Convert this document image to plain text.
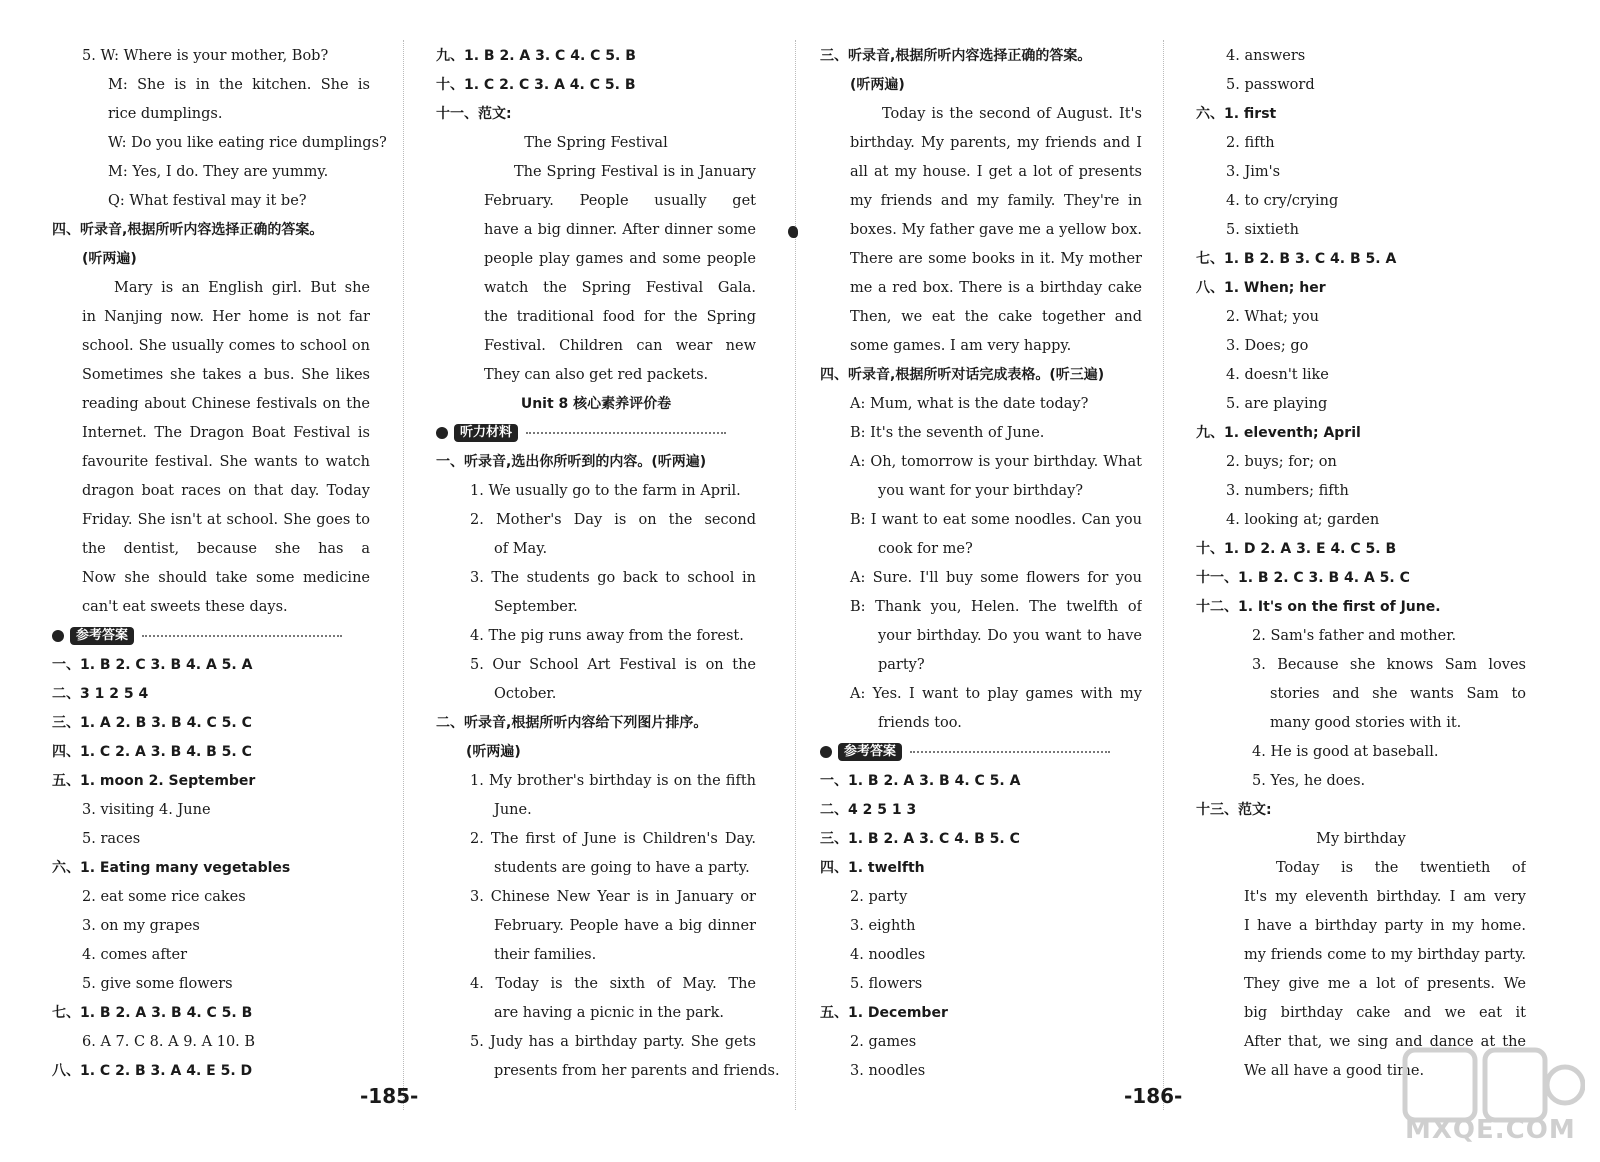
5. W: Where is your mother, Bob?
M: She is in the kitchen. She is
rice dumplings.
W: Do you like eating rice dumplings?
M: Yes, I do. They are yummy.
Q: What festival may it be?
四、听录音,根据所听内容选择正确的答案。
(听两遍)
Mary is an English girl. But she
in Nanjing now. Her home is not far
school. She usually comes to school on
Sometimes she takes a bus. She likes
reading about Chinese festivals on the
Internet. The Dragon Boat Festival is
favourite festival. She wants to watch
dragon boat races on that day. Today
Friday. She isn't at school. She goes to
the dentist, because she has a
Now she should take some medicine
can't eat sweets these days.
参考答案
一、1. B 2. C 3. B 4. A 5. A
二、3 1 2 5 4
三、1. A 2. B 3. B 4. C 5. C
四、1. C 2. A 3. B 4. B 5. C
五、1. moon 2. September
3. visiting 4. June
5. races
六、1. Eating many vegetables
2. eat some rice cakes
3. on my grapes
4. comes after
5. give some flowers
七、1. B 2. A 3. B 4. C 5. B
6. A 7. C 8. A 9. A 10. B
八、1. C 2. B 3. A 4. E 5. D
九、1. B 2. A 3. C 4. C 5. B
十、1. C 2. C 3. A 4. C 5. B
十一、范文:
The Spring Festival
The Spring Festival is in January
February. People usually get
have a big dinner. After dinner some
people play games and some people
watch the Spring Festival Gala.
the traditional food for the Spring
Festival. Children can wear new
They can also get red packets.
Unit 8 核心素养评价卷
听力材料
一、听录音,选出你所听到的内容。(听两遍)
1. We usually go to the farm in April.
2. Mother's Day is on the second
of May.
3. The students go back to school in
September.
4. The pig runs away from the forest.
5. Our School Art Festival is on the
October.
二、听录音,根据所听内容给下列图片排序。
(听两遍)
1. My brother's birthday is on the fifth
June.
2. The first of June is Children's Day.
students are going to have a party.
3. Chinese New Year is in January or
February. People have a big dinner
their families.
4. Today is the sixth of May. The
are having a picnic in the park.
5. Judy has a birthday party. She gets
presents from her parents and friends.
三、听录音,根据所听内容选择正确的答案。
(听两遍)
Today is the second of August. It's
birthday. My parents, my friends and I
all at my house. I get a lot of presents
my friends and my family. They're in
boxes. My father gave me a yellow box.
There are some books in it. My mother
me a red box. There is a birthday cake
Then, we eat the cake together and
some games. I am very happy.
四、听录音,根据所听对话完成表格。(听三遍)
A: Mum, what is the date today?
B: It's the seventh of June.
A: Oh, tomorrow is your birthday. What
you want for your birthday?
B: I want to eat some noodles. Can you
cook for me?
A: Sure. I'll buy some flowers for you
B: Thank you, Helen. The twelfth of
your birthday. Do you want to have
party?
A: Yes. I want to play games with my
friends too.
参考答案
一、1. B 2. A 3. B 4. C 5. A
二、4 2 5 1 3
三、1. B 2. A 3. C 4. B 5. C
四、1. twelfth
2. party
3. eighth
4. noodles
5. flowers
五、1. December
2. games
3. noodles
4. answers
5. password
六、1. first
2. fifth
3. Jim's
4. to cry/crying
5. sixtieth
七、1. B 2. B 3. C 4. B 5. A
八、1. When; her
2. What; you
3. Does; go
4. doesn't like
5. are playing
九、1. eleventh; April
2. buys; for; on
3. numbers; fifth
4. looking at; garden
十、1. D 2. A 3. E 4. C 5. B
十一、1. B 2. C 3. B 4. A 5. C
十二、1. It's on the first of June.
2. Sam's father and mother.
3. Because she knows Sam loves
stories and she wants Sam to
many good stories with it.
4. He is good at baseball.
5. Yes, he does.
十三、范文:
My birthday
Today is the twentieth of
It's my eleventh birthday. I am very
I have a birthday party in my home.
my friends come to my birthday party.
They give me a lot of presents. We
big birthday cake and we eat it
After that, we sing and dance at the
We all have a good time.
-185-	-186-
MXQE.COM
